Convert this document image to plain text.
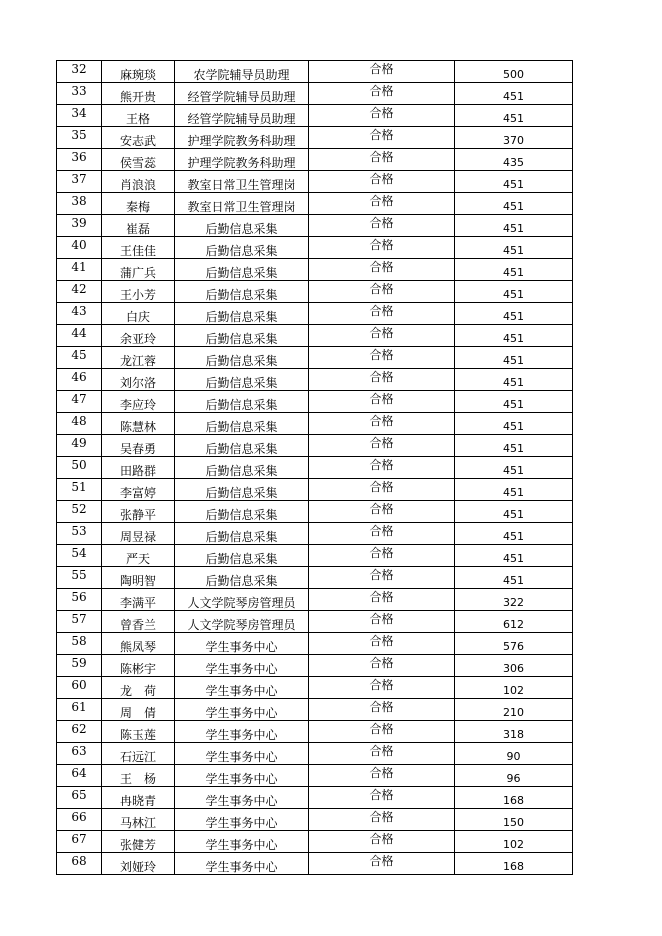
32	麻琬琰	农学院辅导员助理	合格	500
33	熊开贵	经管学院辅导员助理	合格	451
34	王格	经管学院辅导员助理	合格	451
35	安志武	护理学院教务科助理	合格	370
36	侯雪蕊	护理学院教务科助理	合格	435
37	肖浪浪	教室日常卫生管理岗	合格	451
38	秦梅	教室日常卫生管理岗	合格	451
39	崔磊	后勤信息采集	合格	451
40	王佳佳	后勤信息采集	合格	451
41	蒲广兵	后勤信息采集	合格	451
42	王小芳	后勤信息采集	合格	451
43	白庆	后勤信息采集	合格	451
44	余亚玲	后勤信息采集	合格	451
45	龙江蓉	后勤信息采集	合格	451
46	刘尔洛	后勤信息采集	合格	451
47	李应玲	后勤信息采集	合格	451
48	陈慧林	后勤信息采集	合格	451
49	吴春勇	后勤信息采集	合格	451
50	田路群	后勤信息采集	合格	451
51	李富婷	后勤信息采集	合格	451
52	张静平	后勤信息采集	合格	451
53	周昱禄	后勤信息采集	合格	451
54	严天	后勤信息采集	合格	451
55	陶明智	后勤信息采集	合格	451
56	李满平	人文学院琴房管理员	合格	322
57	曾香兰	人文学院琴房管理员	合格	612
58	熊凤琴	学生事务中心	合格	576
59	陈彬宇	学生事务中心	合格	306
60	龙　荷	学生事务中心	合格	102
61	周　倩	学生事务中心	合格	210
62	陈玉莲	学生事务中心	合格	318
63	石远江	学生事务中心	合格	90
64	王　杨	学生事务中心	合格	96
65	冉晓青	学生事务中心	合格	168
66	马林江	学生事务中心	合格	150
67	张健芳	学生事务中心	合格	102
68	刘娅玲	学生事务中心	合格	168
